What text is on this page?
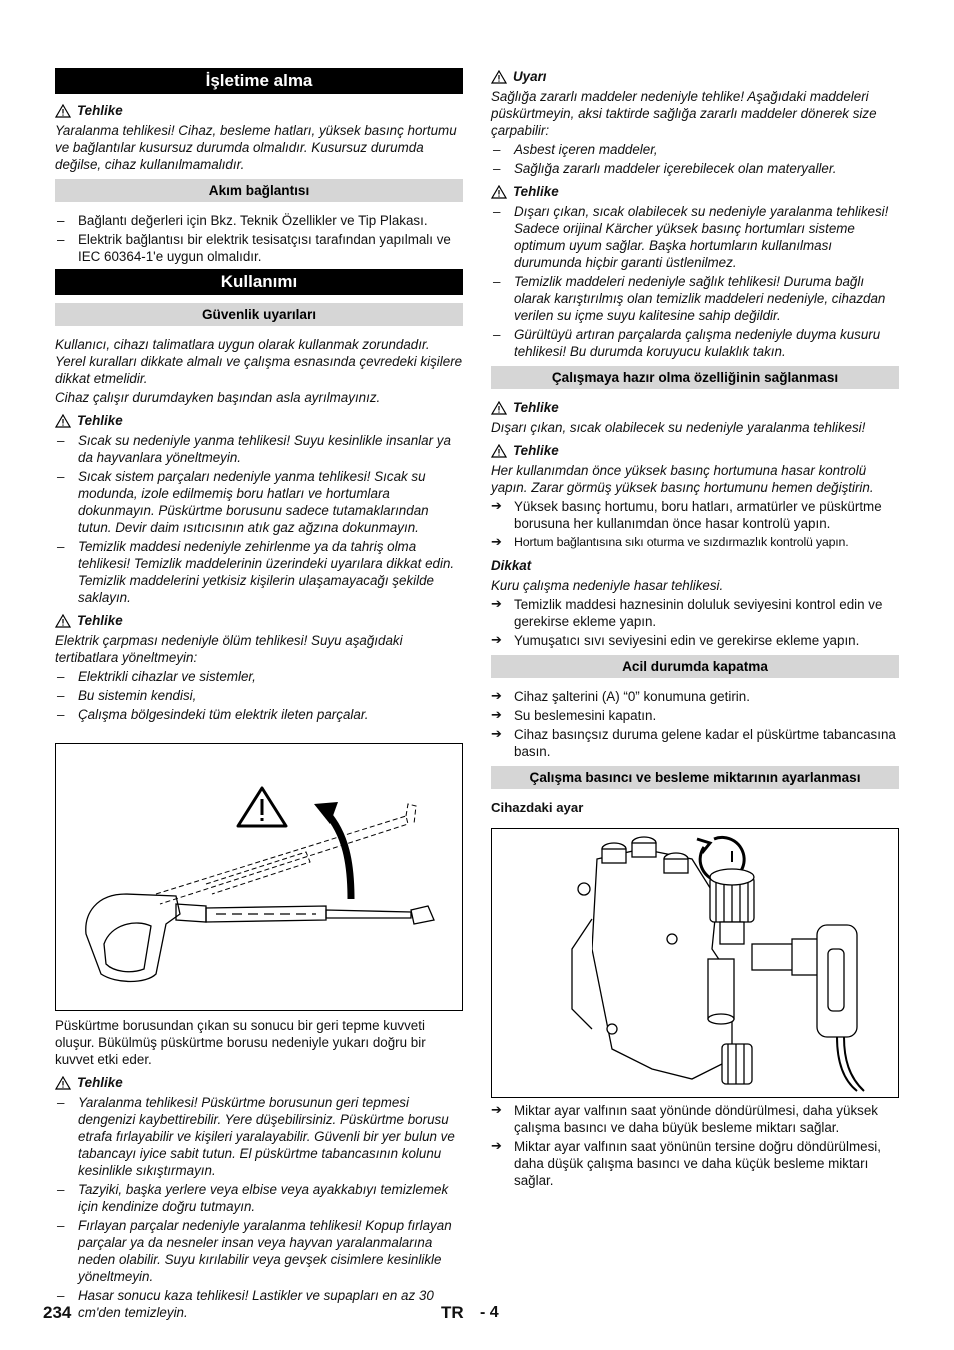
İşletime alma
Tehlike

Yaralanma tehlikesi! Cihaz, besleme hatları, yüksek basınç hortumu ve bağlantılar kusursuz durumda olmalıdır. Kusursuz durumda değilse, cihaz kullanılmamalıdır.

Akım bağlantısı
– Bağlantı değerleri için Bkz. Teknik Özellikler ve Tip Plakası.
– Elektrik bağlantısı bir elektrik tesisatçısı tarafından yapılmalı ve IEC 60364-1'e uygun olmalıdır.
Kullanımı
Güvenlik uyarıları

Kullanıcı, cihazı talimatlara uygun olarak kullanmak zorundadır. Yerel kuralları dikkate almalı ve çalışma esnasında çevredeki kişilere dikkat etmelidir.

Cihaz çalışır durumdayken başından asla ayrılmayınız.

Tehlike
– Sıcak su nedeniyle yanma tehlikesi! Suyu kesinlikle insanlar ya da hayvanlara yöneltmeyin.
– Sıcak sistem parçaları nedeniyle yanma tehlikesi! Sıcak su modunda, izole edilmemiş boru hatları ve hortumlara dokunmayın. Püskürtme borusunu sadece tutamaklarından tutun. Devir daim ısıtıcısının atık gaz ağzına dokunmayın.
– Temizlik maddesi nedeniyle zehirlenme ya da tahriş olma tehlikesi! Temizlik maddelerinin üzerindeki uyarılara dikkat edin. Temizlik maddelerini yetkisiz kişilerin ulaşamayacağı şekilde saklayın.
Tehlike

Elektrik çarpması nedeniyle ölüm tehlikesi! Suyu aşağıdaki tertibatlara yöneltmeyin:

– Elektrikli cihazlar ve sistemler,
– Bu sistemin kendisi,
– Çalışma bölgesindeki tüm elektrik ileten parçalar.

Püskürtme borusundan çıkan su sonucu bir geri tepme kuvveti oluşur. Bükülmüş püskürtme borusu nedeniyle yukarı doğru bir kuvvet etki eder.

Tehlike
– Yaralanma tehlikesi! Püskürtme borusunun geri tepmesi dengenizi kaybettirebilir. Yere düşebilirsiniz. Püskürtme borusu etrafa fırlayabilir ve kişileri yaralayabilir. Güvenli bir yer bulun ve tabancayı iyice sabit tutun. El püskürtme tabancasının kolunu kesinlikle sıkıştırmayın.
– Tazyiki, başka yerlere veya elbise veya ayakkabıyı temizlemek için kendinize doğru tutmayın.
– Fırlayan parçalar nedeniyle yaralanma tehlikesi! Kopup fırlayan parçalar ya da nesneler insan veya hayvan yaralanmalarına neden olabilir. Suyu kırılabilir veya gevşek cisimlere kesinlikle yöneltmeyin.
– Hasar sonucu kaza tehlikesi! Lastikler ve supapları en az 30 cm'den temizleyin.
Uyarı

Sağlığa zararlı maddeler nedeniyle tehlike! Aşağıdaki maddeleri püskürtmeyin, aksi taktirde sağlığa zararlı maddeler dönerek size çarpabilir:

– Asbest içeren maddeler,
– Sağlığa zararlı maddeler içerebilecek olan materyaller.
Tehlike
– Dışarı çıkan, sıcak olabilecek su nedeniyle yaralanma tehlikesi! Sadece orijinal Kärcher yüksek basınç hortumları sisteme optimum uyum sağlar. Başka hortumların kullanılması durumunda hiçbir garanti üstlenilmez.
– Temizlik maddeleri nedeniyle sağlık tehlikesi! Duruma bağlı olarak karıştırılmış olan temizlik maddeleri nedeniyle, cihazdan verilen su içme suyu kalitesine sahip değildir.
– Gürültüyü artıran parçalarda çalışma nedeniyle duyma kusuru tehlikesi! Bu durumda koruyucu kulaklık takın.
Çalışmaya hazır olma özelliğinin sağlanması
Tehlike

Dışarı çıkan, sıcak olabilecek su nedeniyle yaralanma tehlikesi!

Tehlike

Her kullanımdan önce yüksek basınç hortumuna hasar kontrolü yapın. Zarar görmüş yüksek basınç hortumunu hemen değiştirin.

➔ Yüksek basınç hortumu, boru hatları, armatürler ve püskürtme borusuna her kullanımdan önce hasar kontrolü yapın.
➔ Hortum bağlantısına sıkı oturma ve sızdırmazlık kontrolü yapın.
Dikkat

Kuru çalışma nedeniyle hasar tehlikesi.

➔ Temizlik maddesi haznesinin doluluk seviyesini kontrol edin ve gerekirse ekleme yapın.
➔ Yumuşatıcı sıvı seviyesini edin ve gerekirse ekleme yapın.
Acil durumda kapatma
➔ Cihaz şalterini (A) “0” konumuna getirin.
➔ Su beslemesini kapatın.
➔ Cihaz basınçsız duruma gelene kadar el püskürtme tabancasına basın.
Çalışma basıncı ve besleme miktarının ayarlanması
Cihazdaki ayar
➔ Miktar ayar valfının saat yönünde döndürülmesi, daha yüksek çalışma basıncı ve daha büyük besleme miktarı sağlar.
➔ Miktar ayar valfının saat yönünün tersine doğru döndürülmesi, daha düşük çalışma basıncı ve daha küçük besleme miktarı sağlar.
234	TR - 4
